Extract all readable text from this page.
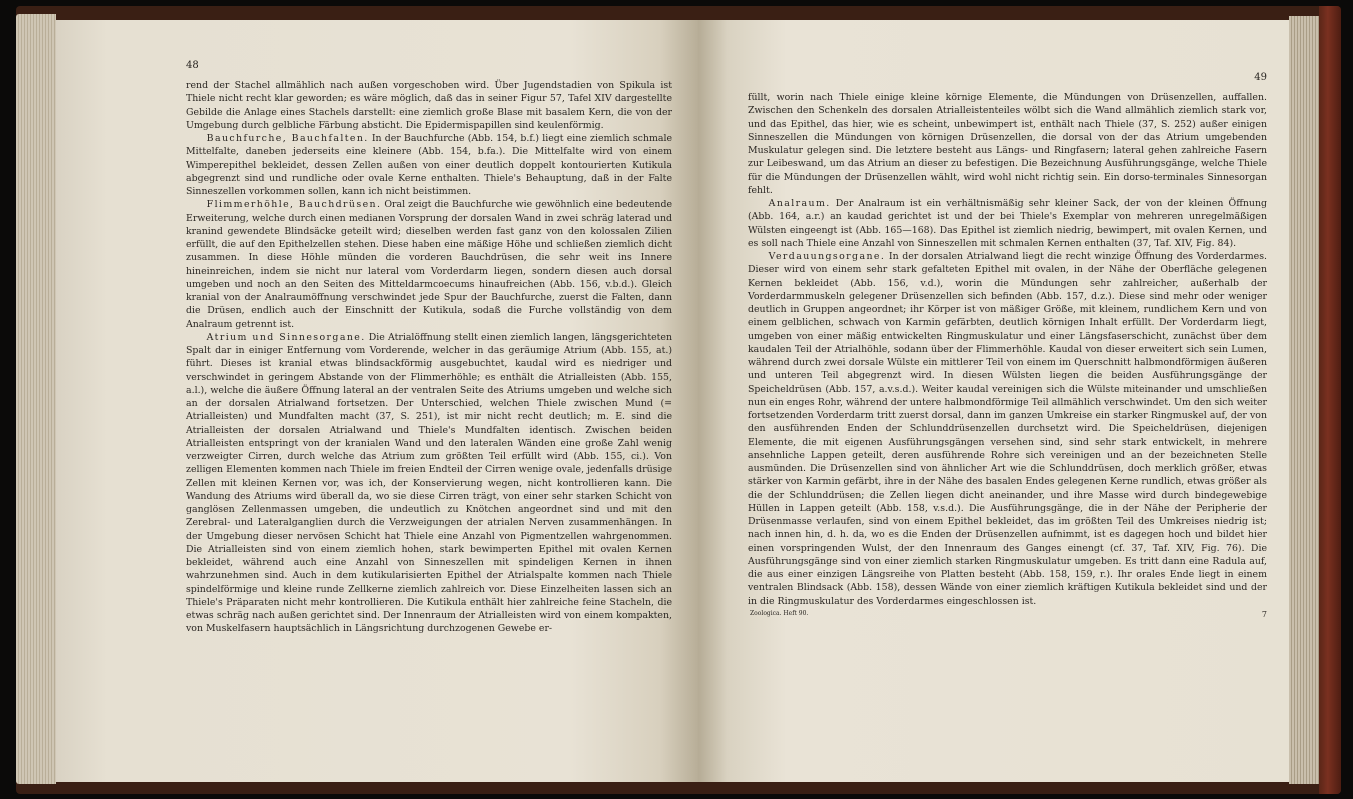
48

rend der Stachel allmählich nach außen vorgeschoben wird. Über Jugendstadien von Spikula ist Thiele nicht recht klar geworden; es wäre möglich, daß das in seiner Figur 57, Tafel XIV dargestellte Gebilde die Anlage eines Stachels darstellt: eine ziemlich große Blase mit basalem Kern, die von der Umgebung durch gelbliche Färbung absticht. Die Epidermispapillen sind keulenförmig.

Bauchfurche, Bauchfalten. In der Bauchfurche (Abb. 154, b.f.) liegt eine ziemlich schmale Mittelfalte, daneben jederseits eine kleinere (Abb. 154, b.fa.). Die Mittelfalte wird von einem Wimperepithel bekleidet, dessen Zellen außen von einer deutlich doppelt kontourierten Kutikula abgegrenzt sind und rundliche oder ovale Kerne enthalten. Thiele's Behauptung, daß in der Falte Sinneszellen vorkommen sollen, kann ich nicht beistimmen.

Flimmerhöhle, Bauchdrüsen. Oral zeigt die Bauchfurche wie gewöhnlich eine bedeutende Erweiterung, welche durch einen medianen Vorsprung der dorsalen Wand in zwei schräg laterad und kranind gewendete Blindsäcke geteilt wird; dieselben werden fast ganz von den kolossalen Zilien erfüllt, die auf den Epithelzellen stehen. Diese haben eine mäßige Höhe und schließen ziemlich dicht zusammen. In diese Höhle münden die vorderen Bauchdrüsen, die sehr weit ins Innere hineinreichen, indem sie nicht nur lateral vom Vorderdarm liegen, sondern diesen auch dorsal umgeben und noch an den Seiten des Mitteldarmcoecums hinaufreichen (Abb. 156, v.b.d.). Gleich kranial von der Analraumöffnung verschwindet jede Spur der Bauchfurche, zuerst die Falten, dann die Drüsen, endlich auch der Einschnitt der Kutikula, sodaß die Furche vollständig von dem Analraum getrennt ist.

Atrium und Sinnesorgane. Die Atrialöffnung stellt einen ziemlich langen, längsgerichteten Spalt dar in einiger Entfernung vom Vorderende, welcher in das geräumige Atrium (Abb. 155, at.) führt. Dieses ist kranial etwas blindsackförmig ausgebuchtet, kaudal wird es niedriger und verschwindet in geringem Abstande von der Flimmerhöhle; es enthält die Atrialleisten (Abb. 155, a.l.), welche die äußere Öffnung lateral an der ventralen Seite des Atriums umgeben und welche sich an der dorsalen Atrialwand fortsetzen. Der Unterschied, welchen Thiele zwischen Mund (= Atrialleisten) und Mundfalten macht (37, S. 251), ist mir nicht recht deutlich; m. E. sind die Atrialleisten der dorsalen Atrialwand und Thiele's Mundfalten identisch. Zwischen beiden Atrialleisten entspringt von der kranialen Wand und den lateralen Wänden eine große Zahl wenig verzweigter Cirren, durch welche das Atrium zum größten Teil erfüllt wird (Abb. 155, ci.). Von zelligen Elementen kommen nach Thiele im freien Endteil der Cirren wenige ovale, jedenfalls drüsige Zellen mit kleinen Kernen vor, was ich, der Konservierung wegen, nicht kontrollieren kann. Die Wandung des Atriums wird überall da, wo sie diese Cirren trägt, von einer sehr starken Schicht von ganglösen Zellenmassen umgeben, die undeutlich zu Knötchen angeordnet sind und mit den Zerebral- und Lateralganglien durch die Verzweigungen der atrialen Nerven zusammenhängen. In der Umgebung dieser nervösen Schicht hat Thiele eine Anzahl von Pigmentzellen wahrgenommen. Die Atrialleisten sind von einem ziemlich hohen, stark bewimperten Epithel mit ovalen Kernen bekleidet, während auch eine Anzahl von Sinneszellen mit spindeligen Kernen in ihnen wahrzunehmen sind. Auch in dem kutikularisierten Epithel der Atrialspalte kommen nach Thiele spindelförmige und kleine runde Zellkerne ziemlich zahlreich vor. Diese Einzelheiten lassen sich an Thiele's Präparaten nicht mehr kontrollieren. Die Kutikula enthält hier zahlreiche feine Stacheln, die etwas schräg nach außen gerichtet sind. Der Innenraum der Atrialleisten wird von einem kompakten, von Muskelfasern hauptsächlich in Längsrichtung durchzogenen Gewebe er-

49

füllt, worin nach Thiele einige kleine körnige Elemente, die Mündungen von Drüsenzellen, auffallen. Zwischen den Schenkeln des dorsalen Atrialleistenteiles wölbt sich die Wand allmählich ziemlich stark vor, und das Epithel, das hier, wie es scheint, unbewimpert ist, enthält nach Thiele (37, S. 252) außer einigen Sinneszellen die Mündungen von körnigen Drüsenzellen, die dorsal von der das Atrium umgebenden Muskulatur gelegen sind. Die letztere besteht aus Längs- und Ringfasern; lateral gehen zahlreiche Fasern zur Leibeswand, um das Atrium an dieser zu befestigen. Die Bezeichnung Ausführungsgänge, welche Thiele für die Mündungen der Drüsenzellen wählt, wird wohl nicht richtig sein. Ein dorso-terminales Sinnesorgan fehlt.

Analraum. Der Analraum ist ein verhältnismäßig sehr kleiner Sack, der von der kleinen Öffnung (Abb. 164, a.r.) an kaudad gerichtet ist und der bei Thiele's Exemplar von mehreren unregelmäßigen Wülsten eingeengt ist (Abb. 165—168). Das Epithel ist ziemlich niedrig, bewimpert, mit ovalen Kernen, und es soll nach Thiele eine Anzahl von Sinneszellen mit schmalen Kernen enthalten (37, Taf. XIV, Fig. 84).

Verdauungsorgane. In der dorsalen Atrialwand liegt die recht winzige Öffnung des Vorderdarmes. Dieser wird von einem sehr stark gefalteten Epithel mit ovalen, in der Nähe der Oberfläche gelegenen Kernen bekleidet (Abb. 156, v.d.), worin die Mündungen sehr zahlreicher, außerhalb der Vorderdarmmuskeln gelegener Drüsenzellen sich befinden (Abb. 157, d.z.). Diese sind mehr oder weniger deutlich in Gruppen angeordnet; ihr Körper ist von mäßiger Größe, mit kleinem, rundlichem Kern und von einem gelblichen, schwach von Karmin gefärbten, deutlich körnigen Inhalt erfüllt. Der Vorderdarm liegt, umgeben von einer mäßig entwickelten Ringmuskulatur und einer Längsfaserschicht, zunächst über dem kaudalen Teil der Atrialhöhle, sodann über der Flimmerhöhle. Kaudal von dieser erweitert sich sein Lumen, während durch zwei dorsale Wülste ein mittlerer Teil von einem im Querschnitt halbmondförmigen äußeren und unteren Teil abgegrenzt wird. In diesen Wülsten liegen die beiden Ausführungsgänge der Speicheldrüsen (Abb. 157, a.v.s.d.). Weiter kaudal vereinigen sich die Wülste miteinander und umschließen nun ein enges Rohr, während der untere halbmondförmige Teil allmählich verschwindet. Um den sich weiter fortsetzenden Vorderdarm tritt zuerst dorsal, dann im ganzen Umkreise ein starker Ringmuskel auf, der von den ausführenden Enden der Schlunddrüsenzellen durchsetzt wird. Die Speicheldrüsen, diejenigen Elemente, die mit eigenen Ausführungsgängen versehen sind, sind sehr stark entwickelt, in mehrere ansehnliche Lappen geteilt, deren ausführende Rohre sich vereinigen und an der bezeichneten Stelle ausmünden. Die Drüsenzellen sind von ähnlicher Art wie die Schlunddrüsen, doch merklich größer, etwas stärker von Karmin gefärbt, ihre in der Nähe des basalen Endes gelegenen Kerne rundlich, etwas größer als die der Schlunddrüsen; die Zellen liegen dicht aneinander, und ihre Masse wird durch bindegewebige Hüllen in Lappen geteilt (Abb. 158, v.s.d.). Die Ausführungsgänge, die in der Nähe der Peripherie der Drüsenmasse verlaufen, sind von einem Epithel bekleidet, das im größten Teil des Umkreises niedrig ist; nach innen hin, d. h. da, wo es die Enden der Drüsenzellen aufnimmt, ist es dagegen hoch und bildet hier einen vorspringenden Wulst, der den Innenraum des Ganges einengt (cf. 37, Taf. XIV, Fig. 76). Die Ausführungsgänge sind von einer ziemlich starken Ringmuskulatur umgeben. Es tritt dann eine Radula auf, die aus einer einzigen Längsreihe von Platten besteht (Abb. 158, 159, r.). Ihr orales Ende liegt in einem ventralen Blindsack (Abb. 158), dessen Wände von einer ziemlich kräftigen Kutikula bekleidet sind und der in die Ringmuskulatur des Vorderdarmes eingeschlossen ist.

Zoologica. Heft 90.	7
